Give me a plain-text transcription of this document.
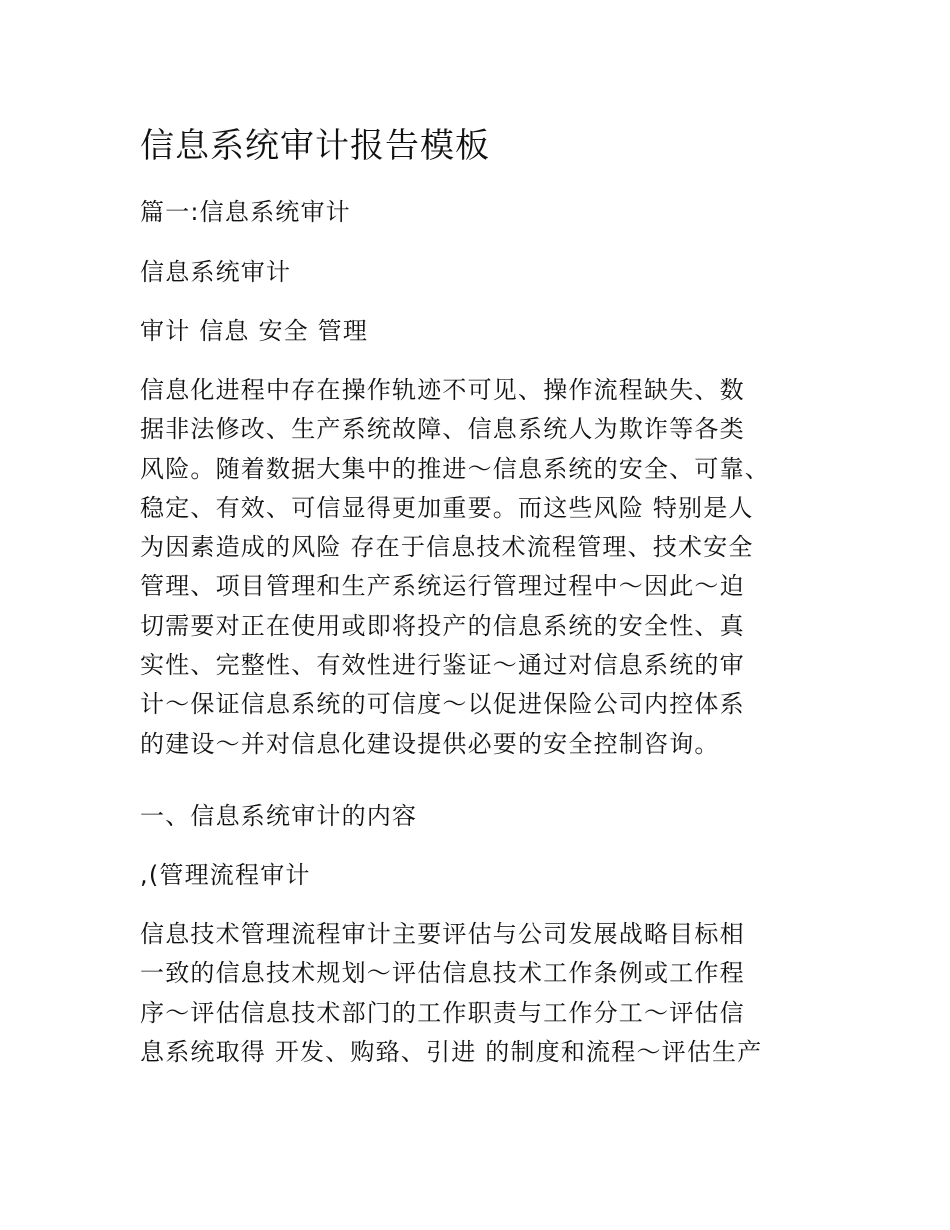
信息系统审计报告模板

篇一:信息系统审计

信息系统审计

审计 信息 安全 管理

信息化进程中存在操作轨迹不可见、操作流程缺失、数
据非法修改、生产系统故障、信息系统人为欺诈等各类
风险。随着数据大集中的推进～信息系统的安全、可靠、
稳定、有效、可信显得更加重要。而这些风险 特别是人
为因素造成的风险 存在于信息技术流程管理、技术安全
管理、项目管理和生产系统运行管理过程中～因此～迫
切需要对正在使用或即将投产的信息系统的安全性、真
实性、完整性、有效性进行鉴证～通过对信息系统的审
计～保证信息系统的可信度～以促进保险公司内控体系
的建设～并对信息化建设提供必要的安全控制咨询。

一、信息系统审计的内容

,(管理流程审计

信息技术管理流程审计主要评估与公司发展战略目标相
一致的信息技术规划～评估信息技术工作条例或工作程
序～评估信息技术部门的工作职责与工作分工～评估信
息系统取得 开发、购臵、引进 的制度和流程～评估生产
